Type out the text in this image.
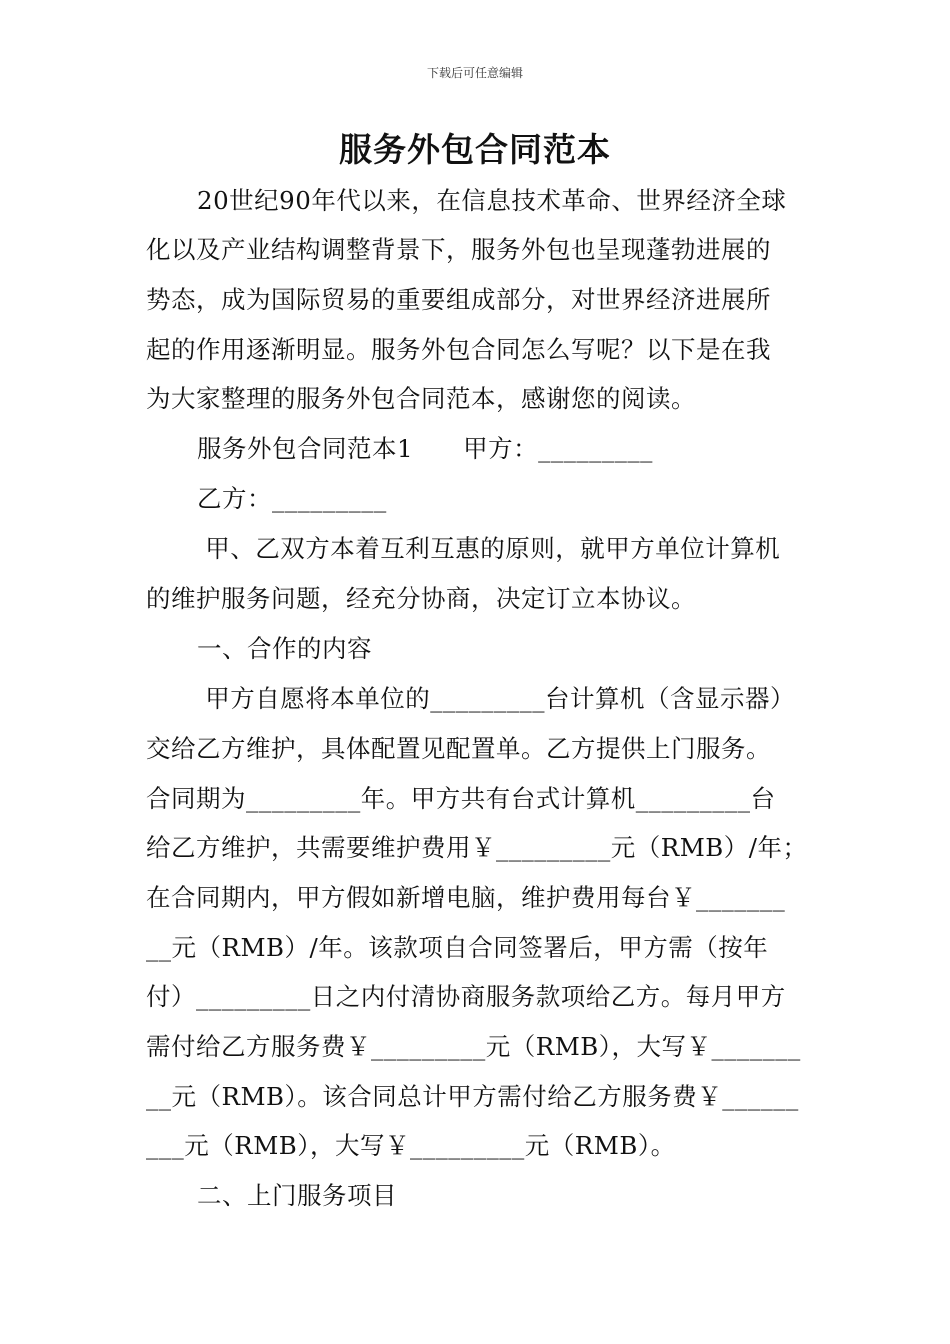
下载后可任意编辑
服务外包合同范本
20世纪90年代以来，在信息技术革命、世界经济全球
化以及产业结构调整背景下，服务外包也呈现蓬勃进展的
势态，成为国际贸易的重要组成部分，对世界经济进展所
起的作用逐渐明显。服务外包合同怎么写呢？以下是在我
为大家整理的服务外包合同范本，感谢您的阅读。
服务外包合同范本1　　甲方：_________
乙方：_________
甲、乙双方本着互利互惠的原则，就甲方单位计算机
的维护服务问题，经充分协商，决定订立本协议。
一、合作的内容
甲方自愿将本单位的_________台计算机（含显示器）
交给乙方维护，具体配置见配置单。乙方提供上门服务。
合同期为_________年。甲方共有台式计算机_________台
给乙方维护，共需要维护费用￥_________元（RMB）/年；
在合同期内，甲方假如新增电脑，维护费用每台￥_______
__元（RMB）/年。该款项自合同签署后，甲方需（按年
付）_________日之内付清协商服务款项给乙方。每月甲方
需付给乙方服务费￥_________元（RMB），大写￥_______
__元（RMB）。该合同总计甲方需付给乙方服务费￥______
___元（RMB），大写￥_________元（RMB）。
二、上门服务项目
